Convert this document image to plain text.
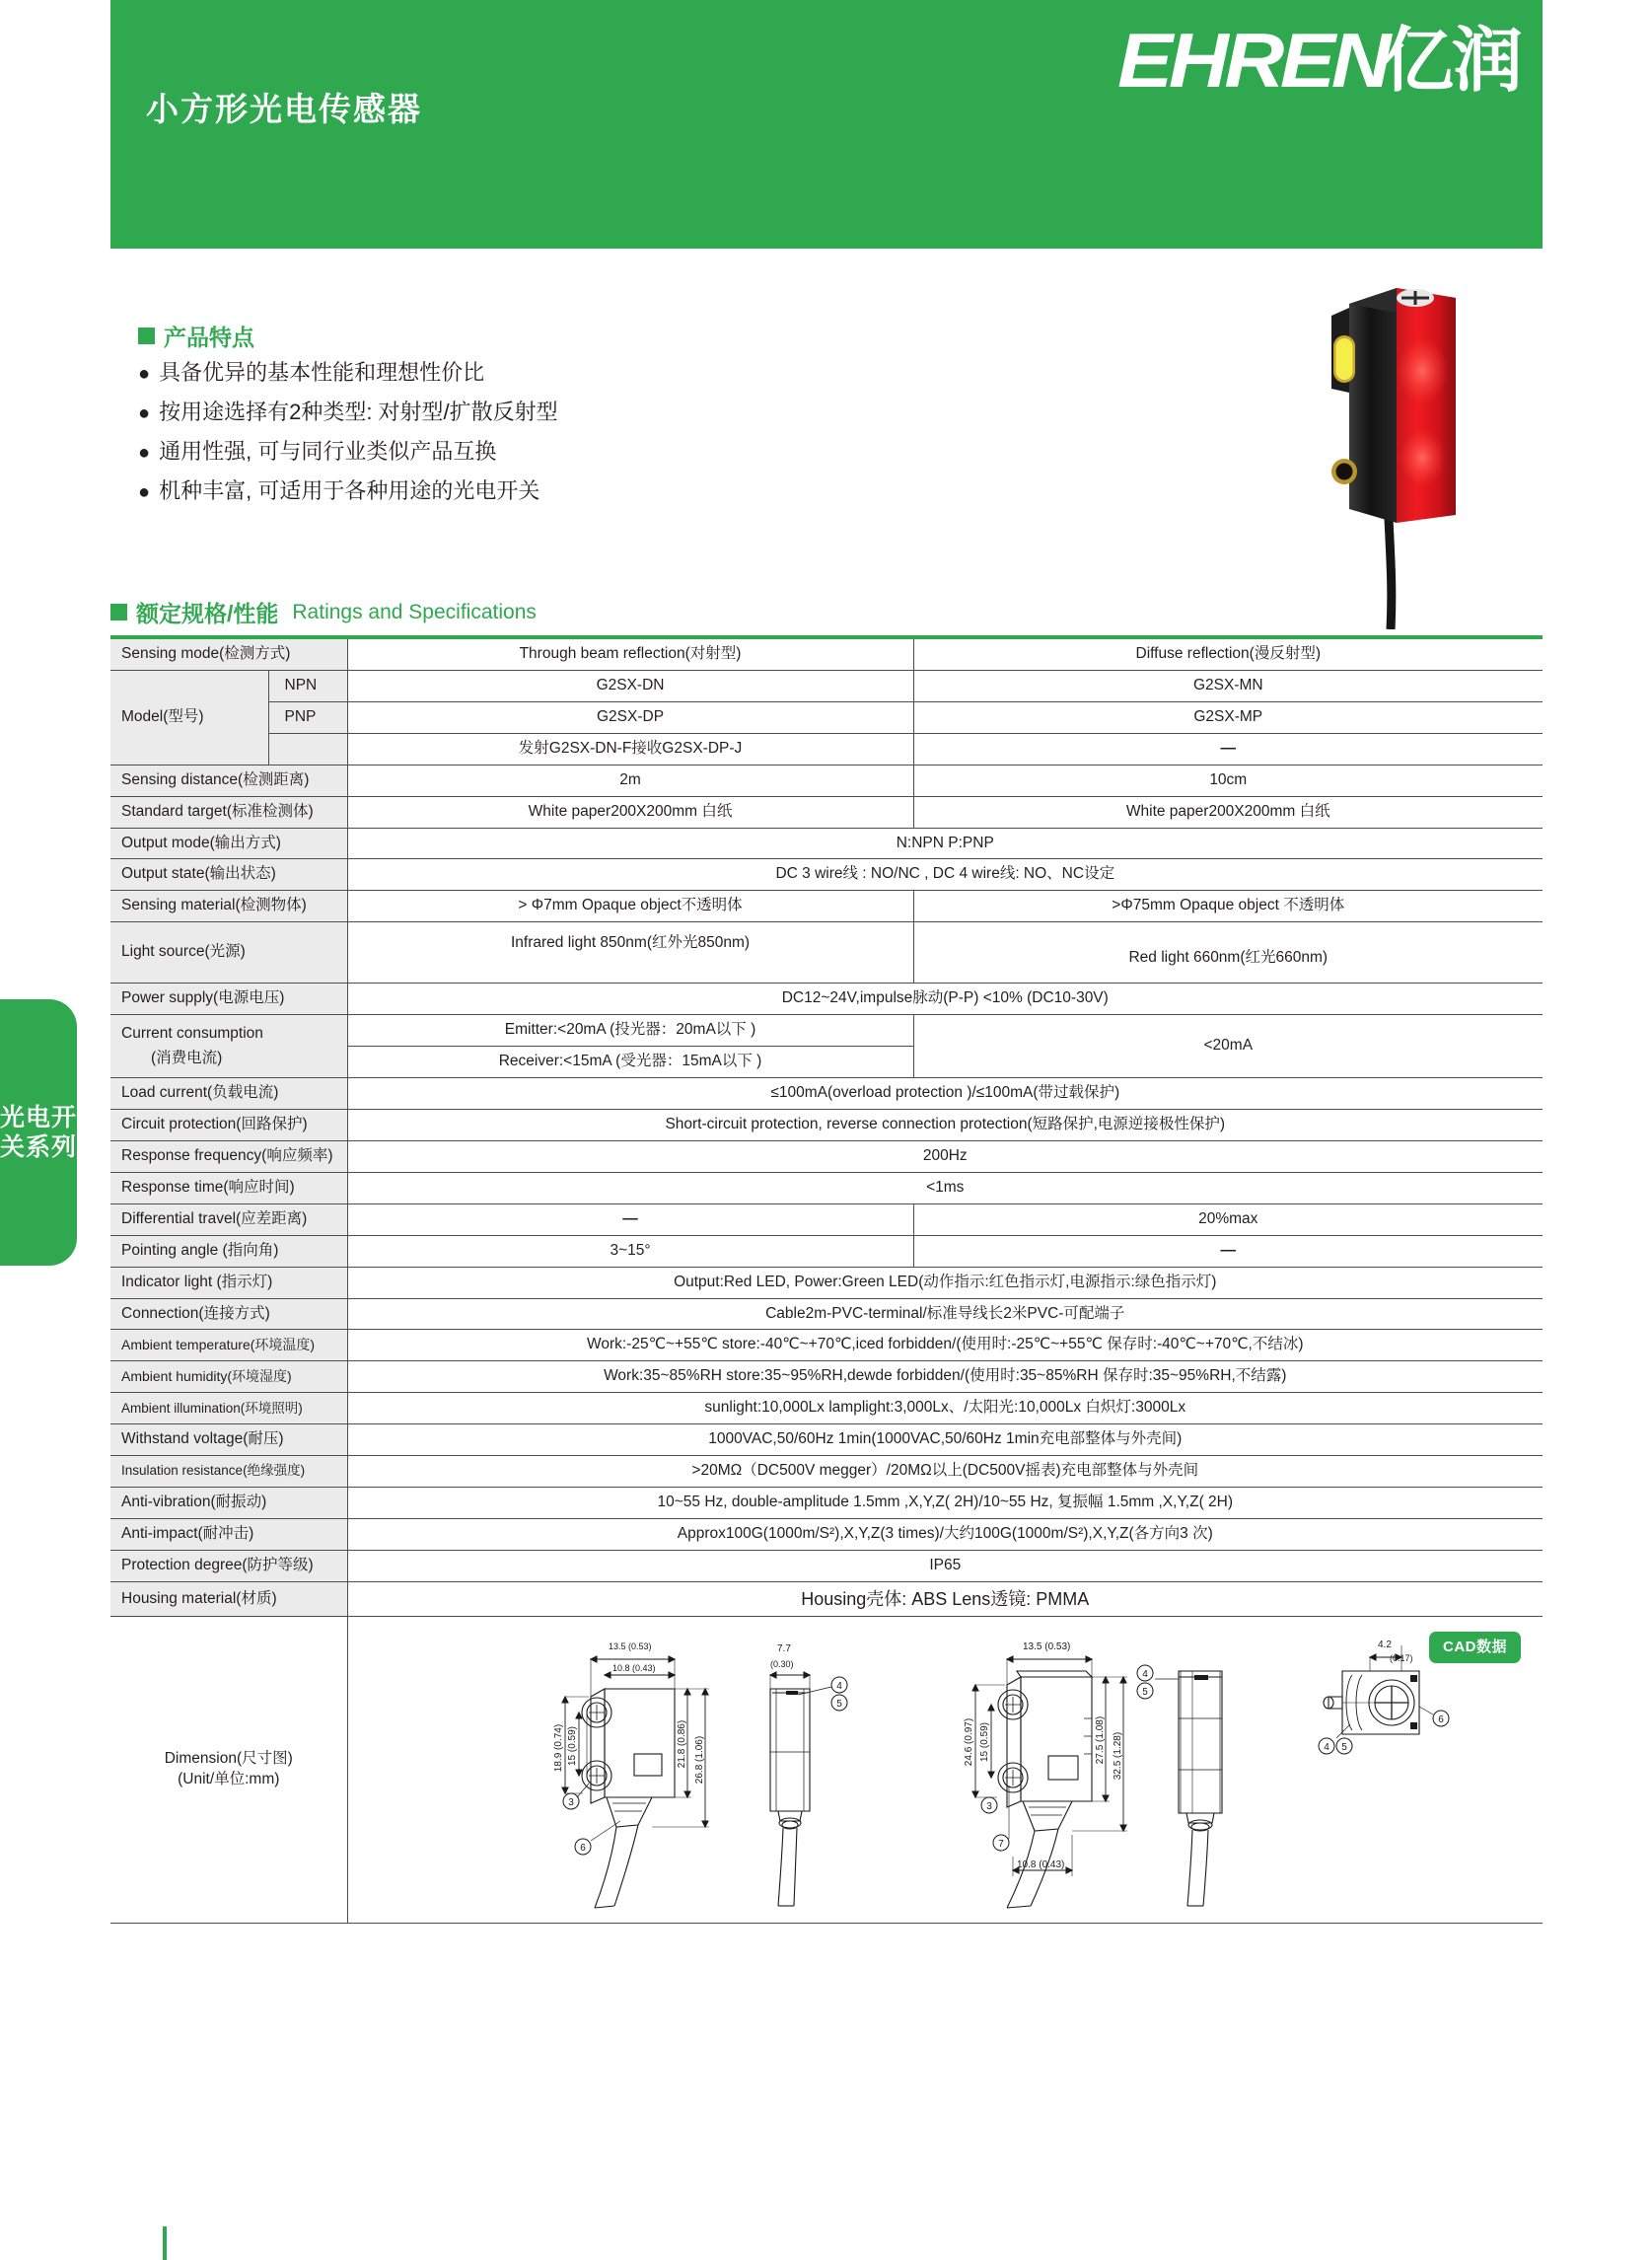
小方形光电传感器
EHREN
亿润
光电开关系列
产品特点
● 具备优异的基本性能和理想性价比
● 按用途选择有2种类型: 对射型/扩散反射型
● 通用性强, 可与同行业类似产品互换
● 机种丰富, 可适用于各种用途的光电开关
额定规格/性能 Ratings and Specifications
Sensing mode(检测方式)		Through beam reflection(对射型)	Diffuse reflection(漫反射型)
Model(型号)	NPN	G2SX-DN	G2SX-MN
	PNP	G2SX-DP	G2SX-MP
		发射G2SX-DN-F接收G2SX-DP-J	—
Sensing distance(检测距离)		2m	10cm
Standard target(标准检测体)		White paper200X200mm 白纸	White paper200X200mm 白纸
Output mode(输出方式)		N:NPN P:PNP	
Output state(输出状态)		DC 3 wire线 : NO/NC , DC 4 wire线: NO、NC设定	
Sensing material(检测物体)		> Φ7mm Opaque object不透明体	>Φ75mm Opaque object 不透明体
Light source(光源)		Infrared light 850nm(红外光850nm)	Red light 660nm(红光660nm)
Power supply(电源电压)		DC12~24V,impulse脉动(P-P) <10% (DC10-30V)	
Current consumption
(消费电流)		Emitter:<20mA (投光器：20mA以下 )	<20mA
		Receiver:<15mA (受光器：15mA以下 )	
Load current(负载电流)		≤100mA(overload protection )/≤100mA(带过载保护)	
Circuit protection(回路保护)		Short-circuit protection, reverse connection protection(短路保护,电源逆接极性保护)	
Response frequency(响应频率)		200Hz	
Response time(响应时间)		<1ms	
Differential travel(应差距离)		—	20%max
Pointing angle (指向角)		3~15°	—
Indicator light (指示灯)		Output:Red LED, Power:Green LED(动作指示:红色指示灯,电源指示:绿色指示灯)	
Connection(连接方式)		Cable2m-PVC-terminal/标准导线长2米PVC-可配端子	
Ambient temperature(环境温度)		Work:-25℃~+55℃ store:-40℃~+70℃,iced forbidden/(使用时:-25℃~+55℃ 保存时:-40℃~+70℃,不结冰)	
Ambient humidity(环境湿度)		Work:35~85%RH store:35~95%RH,dewde forbidden/(使用时:35~85%RH 保存时:35~95%RH,不结露)	
Ambient illumination(环境照明)		sunlight:10,000Lx lamplight:3,000Lx、/太阳光:10,000Lx 白炽灯:3000Lx	
Withstand voltage(耐压)		1000VAC,50/60Hz 1min(1000VAC,50/60Hz 1min充电部整体与外壳间)	
Insulation resistance(绝缘强度)		>20MΩ（DC500V megger）/20MΩ以上(DC500V摇表)充电部整体与外壳间	
Anti-vibration(耐振动)		10~55 Hz, double-amplitude 1.5mm ,X,Y,Z( 2H)/10~55 Hz, 复振幅 1.5mm ,X,Y,Z( 2H)	
Anti-impact(耐冲击)		Approx100G(1000m/S²),X,Y,Z(3 times)/大约100G(1000m/S²),X,Y,Z(各方向3 次)	
Protection degree(防护等级)		IP65	
Housing material(材质)		Housing壳体: ABS Lens透镜: PMMA	
Dimension(尺寸图)
(Unit/单位:mm)	
CAD数据
13.5 (0.53)
10.8 (0.43)
7.7
(0.30)
18.9 (0.74) 15 (0.59)	21.8 (0.86) 26.8 (1.06)
3
6
4
5
13.5 (0.53)
24.6 (0.97) 15 (0.59)	27.5 (1.08) 32.5 (1.28)
10.8 (0.43)
4.2
(0.17)
3
7
4
5
4 5
6
